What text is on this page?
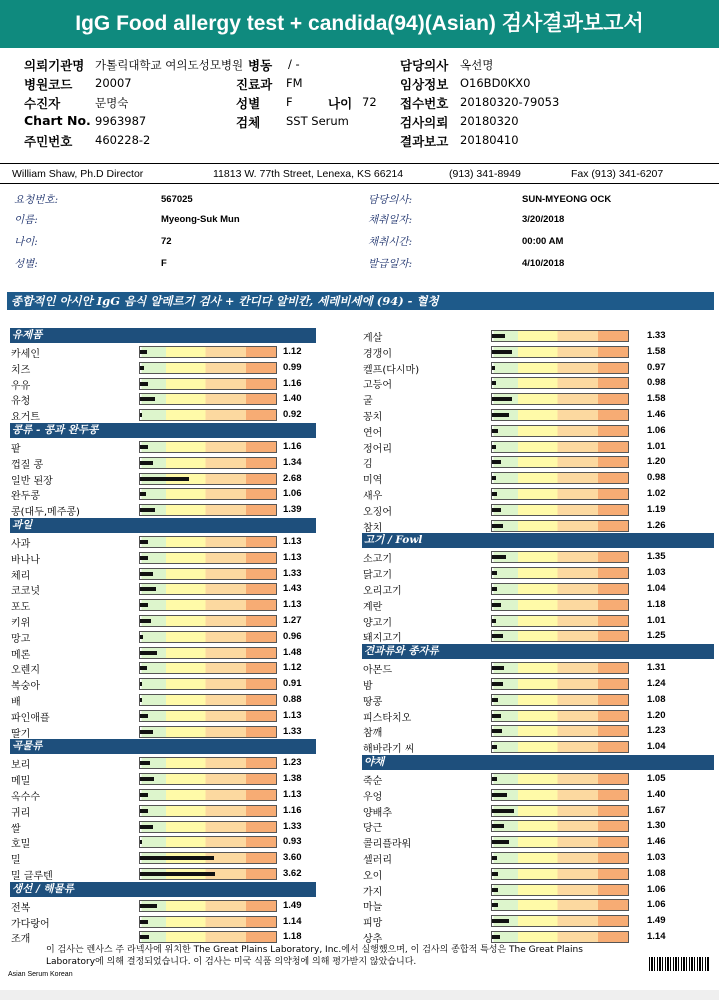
IgG Food allergy test + candida(94)(Asian) 검사결과보고서
의뢰기관명 가톨릭대학교 여의도성모병원 병동 / -	담당의사 옥선명
병원코드 20007	진료과 FM	임상정보 O16BD0KX0
수진자	문명숙	성별 F	나이 72 접수번호 20180320-79053
Chart No. 9963987	검체 SST Serum	검사의뢰 20180320
주민번호 460228-2	결과보고 20180410
William Shaw, Ph.D Director	11813 W. 77th Street, Lenexa, KS 66214	(913) 341-8949	Fax (913) 341-6207
요청번호:	567025	담당의사:	SUN-MYEONG OCK
이름:	Myeong-Suk Mun	채취일자:	3/20/2018
나이:	72	채취시간:	00:00 AM
성별:	F	발급일자:	4/10/2018
종합적인 아시안 IgG 음식 알레르기 검사 + 칸디다 알비칸, 세레비세에 (94) - 혈청
유제품
카세인	1.12
치즈	0.99
우유	1.16
유청	1.40
요거트	0.92
콩류 - 콩과 완두콩
팥	1.16
껍질 콩	1.34
일반 된장	2.68
완두콩	1.06
콩(대두,메주콩)	1.39
과일
사과	1.13
바나나	1.13
체리	1.33
코코넛	1.43
포도	1.13
키위	1.27
망고	0.96
메론	1.48
오렌지	1.12
복숭아	0.91
배	0.88
파인애플	1.13
딸기	1.33
곡물류
보리	1.23
메밀	1.38
옥수수	1.13
귀리	1.16
쌀	1.33
호밀	0.93
밀	3.60
밀 글루텐	3.62
생선 / 해물류
전복	1.49
가다랑어	1.14
조개	1.18
게살	1.33
경갱이	1.58
켈프(다시마)	0.97
고등어	0.98
굴	1.58
꽁치	1.46
연어	1.06
정어리	1.01
김	1.20
미역	0.98
새우	1.02
오징어	1.19
참치	1.26
고기 / Fowl
소고기	1.35
닭고기	1.03
오리고기	1.04
계란	1.18
양고기	1.01
돼지고기	1.25
견과류와 종자류
아몬드	1.31
밤	1.24
땅콩	1.08
피스타치오	1.20
참깨	1.23
해바라기 씨	1.04
야채
죽순	1.05
우엉	1.40
양배추	1.67
당근	1.30
콜리플라워	1.46
셀러리	1.03
오이	1.08
가지	1.06
마늘	1.06
피망	1.49
상추	1.14
이 검사는 렌사스 주 라넥사에 위치한 The Great Plains Laboratory, Inc.에서 실행했으며, 이 검사의 종합적 특성은 The Great Plains Laboratory에 의해 결정되었습니다. 이 검사는 미국 식품 의약청에 의해 평가받지 않았습니다.
Asian Serum Korean
